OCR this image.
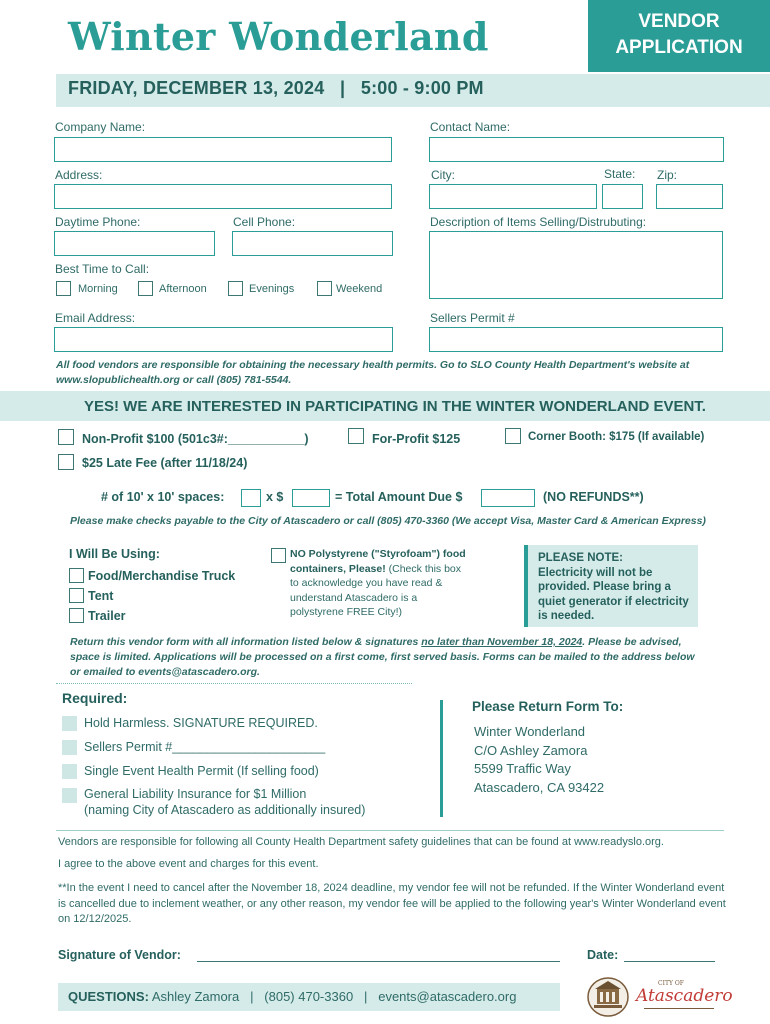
Winter Wonderland	VENDOR
APPLICATION
FRIDAY, DECEMBER 13, 2024   |   5:00 - 9:00 PM
Company Name:	Contact Name:
Address:	City:	State: Zip:
Daytime Phone:	Cell Phone:	Description of Items Selling/Distrubuting:
Best Time to Call:
Morning	Afternoon	Evenings	Weekend
Email Address:	Sellers Permit #
All food vendors are responsible for obtaining the necessary health permits. Go to SLO County Health Department's website at www.slopublichealth.org or call (805) 781-5544.
YES! WE ARE INTERESTED IN PARTICIPATING IN THE WINTER WONDERLAND EVENT.
Non-Profit $100 (501c3#:___________)	For-Profit $125	Corner Booth: $175 (If available)
$25 Late Fee (after 11/18/24)
# of 10' x 10' spaces:	x $	= Total Amount Due $	(NO REFUNDS**)
Please make checks payable to the City of Atascadero or call (805) 470-3360 (We accept Visa, Master Card & American Express)
I Will Be Using:
Food/Merchandise Truck
Tent
Trailer
NO Polystyrene ("Styrofoam") food containers, Please! (Check this box to acknowledge you have read & understand Atascadero is a polystyrene FREE City!)
PLEASE NOTE:
Electricity will not be provided. Please bring a quiet generator if electricity is needed.
Return this vendor form with all information listed below & signatures no later than November 18, 2024. Please be advised, space is limited. Applications will be processed on a first come, first served basis. Forms can be mailed to the address below or emailed to events@atascadero.org.
Required:
Hold Harmless. SIGNATURE REQUIRED.
Sellers Permit #______________________
Single Event Health Permit (If selling food)
General Liability Insurance for $1 Million
(naming City of Atascadero as additionally insured)
Please Return Form To:
Winter Wonderland
C/O Ashley Zamora
5599 Traffic Way
Atascadero, CA 93422
Vendors are responsible for following all County Health Department safety guidelines that can be found at www.readyslo.org.
I agree to the above event and charges for this event.
**In the event I need to cancel after the November 18, 2024 deadline, my vendor fee will not be refunded. If the Winter Wonderland event is cancelled due to inclement weather, or any other reason, my vendor fee will be applied to the following year's Winter Wonderland event on 12/12/2025.
Signature of Vendor:	Date:
QUESTIONS: Ashley Zamora   |   (805) 470-3360   |   events@atascadero.org
CITY OF
Atascadero
